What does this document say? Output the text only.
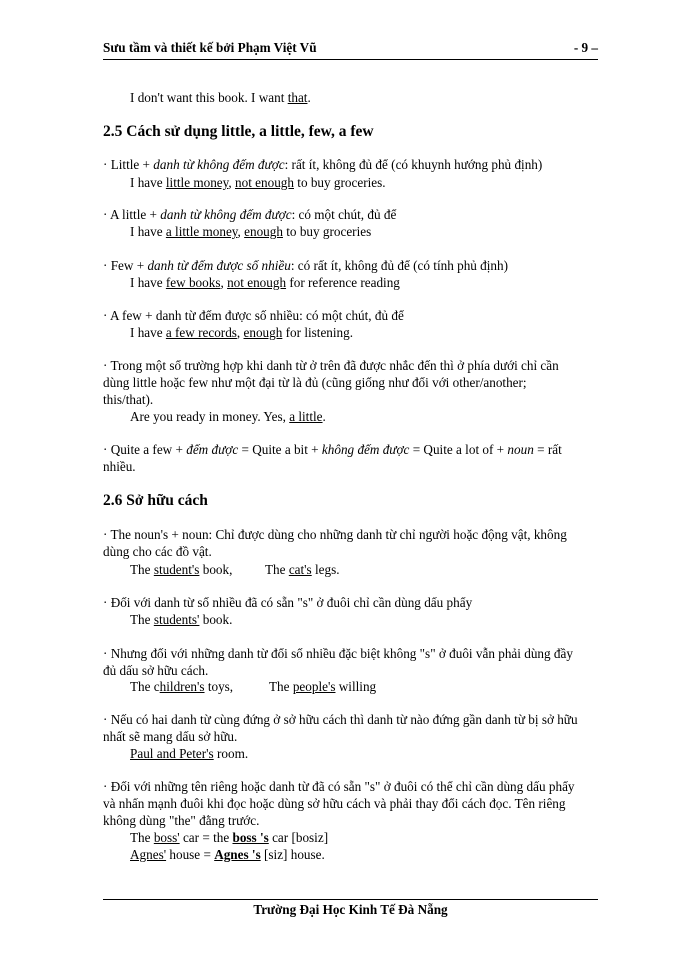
Sưu tầm và thiết kế bởi Phạm Việt Vũ	- 9 –
I don't want this book. I want that.
2.5 Cách sử dụng little, a little, few, a few
· Little + danh từ không đếm được: rất ít, không đủ để (có khuynh hướng phủ định)
I have little money, not enough to buy groceries.
· A little + danh từ không đếm được: có một chút, đủ để
I have a little money, enough to buy groceries
· Few + danh từ đếm được số nhiều: có rất ít, không đủ để (có tính phủ định)
I have few books, not enough for reference reading
· A few + danh từ đếm được số nhiều: có một chút, đủ để
I have a few records, enough for listening.
· Trong một số trường hợp khi danh từ ở trên đã được nhắc đến thì ở phía dưới chỉ cần
dùng little hoặc few như một đại từ là đủ (cũng giống như đối với other/another;
this/that).
Are you ready in money. Yes, a little.
· Quite a few + đếm được = Quite a bit + không đếm được = Quite a lot of + noun = rất
nhiều.
2.6 Sở hữu cách
· The noun's + noun: Chỉ được dùng cho những danh từ chỉ người hoặc động vật, không
dùng cho các đồ vật.
The student's book,	The cat's legs.
· Đối với danh từ số nhiều đã có sẵn "s" ở đuôi chỉ cần dùng dấu phẩy
The students' book.
· Nhưng đối với những danh từ đổi số nhiều đặc biệt không "s" ở đuôi vẫn phải dùng đầy
đủ dấu sở hữu cách.
The children's toys,	The people's willing
· Nếu có hai danh từ cùng đứng ở sở hữu cách thì danh từ nào đứng gần danh từ bị sở hữu
nhất sẽ mang dấu sở hữu.
Paul and Peter's room.
· Đối với những tên riêng hoặc danh từ đã có sẵn "s" ở đuôi có thể chỉ cần dùng dấu phẩy
và nhấn mạnh đuôi khi đọc hoặc dùng sở hữu cách và phải thay đổi cách đọc. Tên riêng
không dùng "the" đằng trước.
The boss' car = the boss 's car [bosiz]
Agnes' house = Agnes 's [siz] house.
Trường Đại Học Kinh Tế Đà Nẵng
